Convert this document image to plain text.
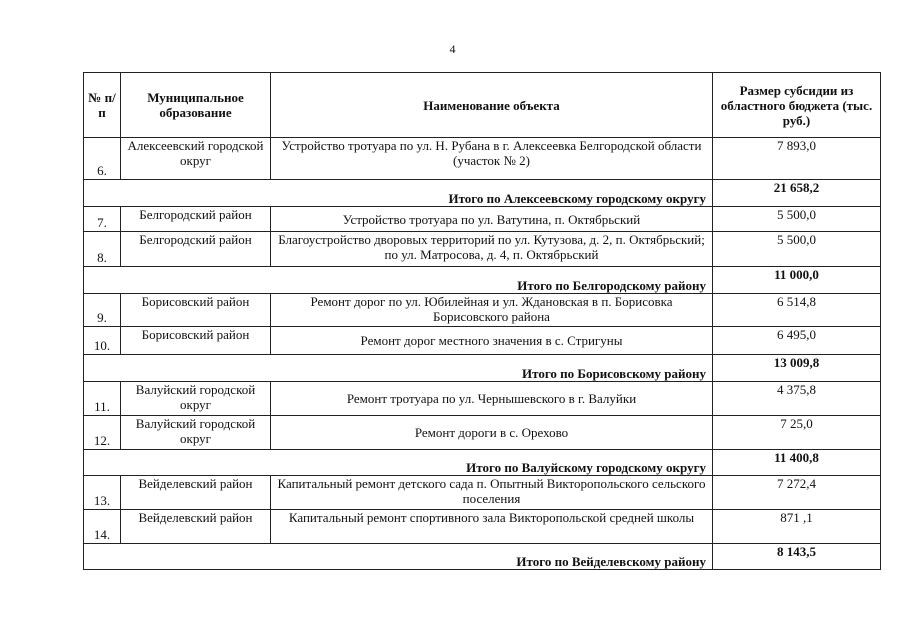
4
№ п/п	Муниципальное образование	Наименование объекта	Размер субсидии из областного бюджета (тыс. руб.)
6.	Алексеевский городской округ	Устройство тротуара по ул. Н. Рубана в г. Алексеевка Белгородской области (участок № 2)	7 893,0
Итого по Алексеевскому городскому округу			21 658,2
7.	Белгородский район	Устройство тротуара по ул. Ватутина, п. Октябрьский	5 500,0
8.	Белгородский район	Благоустройство дворовых территорий по ул. Кутузова, д. 2, п. Октябрьский; по ул. Матросова, д. 4, п. Октябрьский	5 500,0
Итого по Белгородскому району			11 000,0
9.	Борисовский район	Ремонт дорог по ул. Юбилейная и ул. Ждановская в п. Борисовка Борисовского района	6 514,8
10.	Борисовский район	Ремонт дорог местного значения в с. Стригуны	6 495,0
Итого по Борисовскому району			13 009,8
11.	Валуйский городской округ	Ремонт тротуара по ул. Чернышевского в г. Валуйки	4 375,8
12.	Валуйский городской округ	Ремонт дороги в с. Орехово	7 25,0
Итого по Валуйскому городскому округу			11 400,8
13.	Вейделевский район	Капитальный ремонт детского сада п. Опытный Викторопольского сельского поселения	7 272,4
14.	Вейделевский район	Капитальный ремонт спортивного зала Викторопольской средней школы	871 ,1
Итого по Вейделевскому району			8 143,5
